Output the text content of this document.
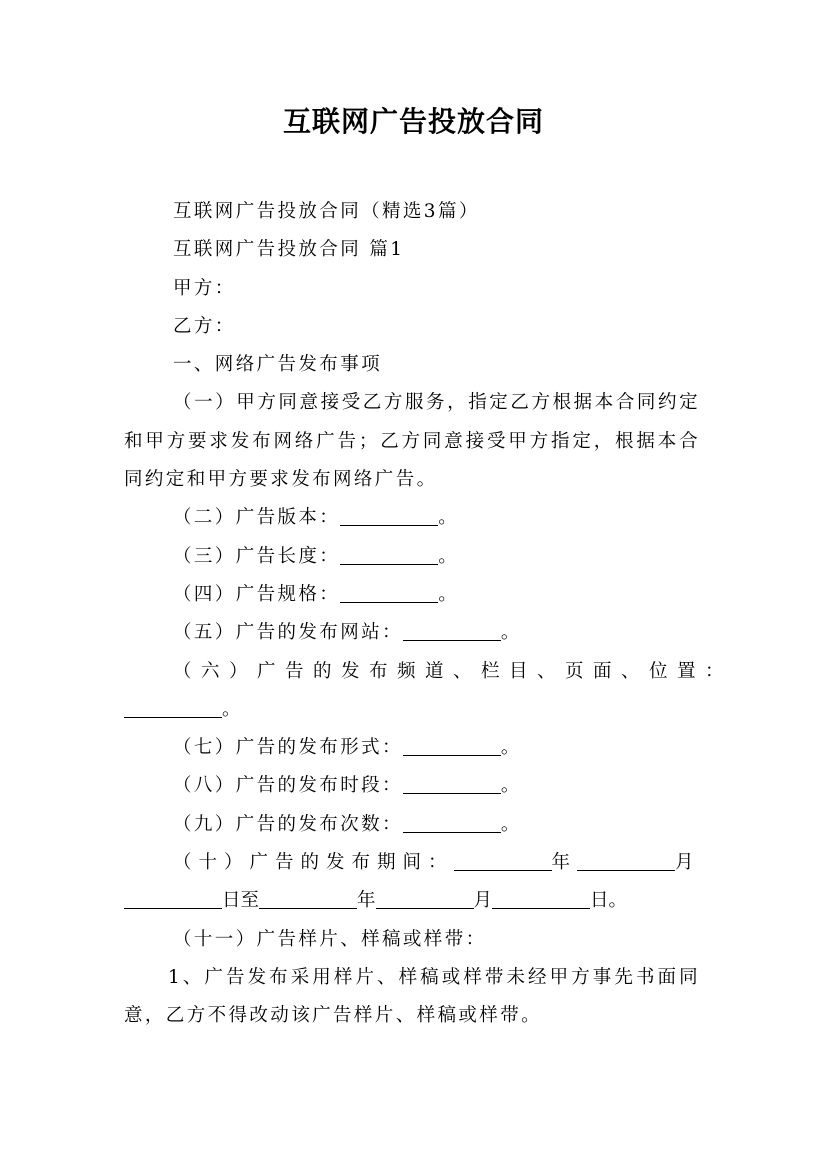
互联网广告投放合同

互联网广告投放合同（精选3篇）

互联网广告投放合同 篇1

甲方：

乙方：

一、网络广告发布事项

（一）甲方同意接受乙方服务，指定乙方根据本合同约定和甲方要求发布网络广告；乙方同意接受甲方指定，根据本合同约定和甲方要求发布网络广告。

（二）广告版本：	。

（三）广告长度：	。

（四）广告规格：	。

（五）广告的发布网站：	。

（六）广告的发布频道、栏目、页面、位置：

。

（七）广告的发布形式：	。

（八）广告的发布时段：	。

（九）广告的发布次数：	。

（十）广告的发布期间：	年	月

日至	年	月	日。

（十一）广告样片、样稿或样带：

1、广告发布采用样片、样稿或样带未经甲方事先书面同意，乙方不得改动该广告样片、样稿或样带。
